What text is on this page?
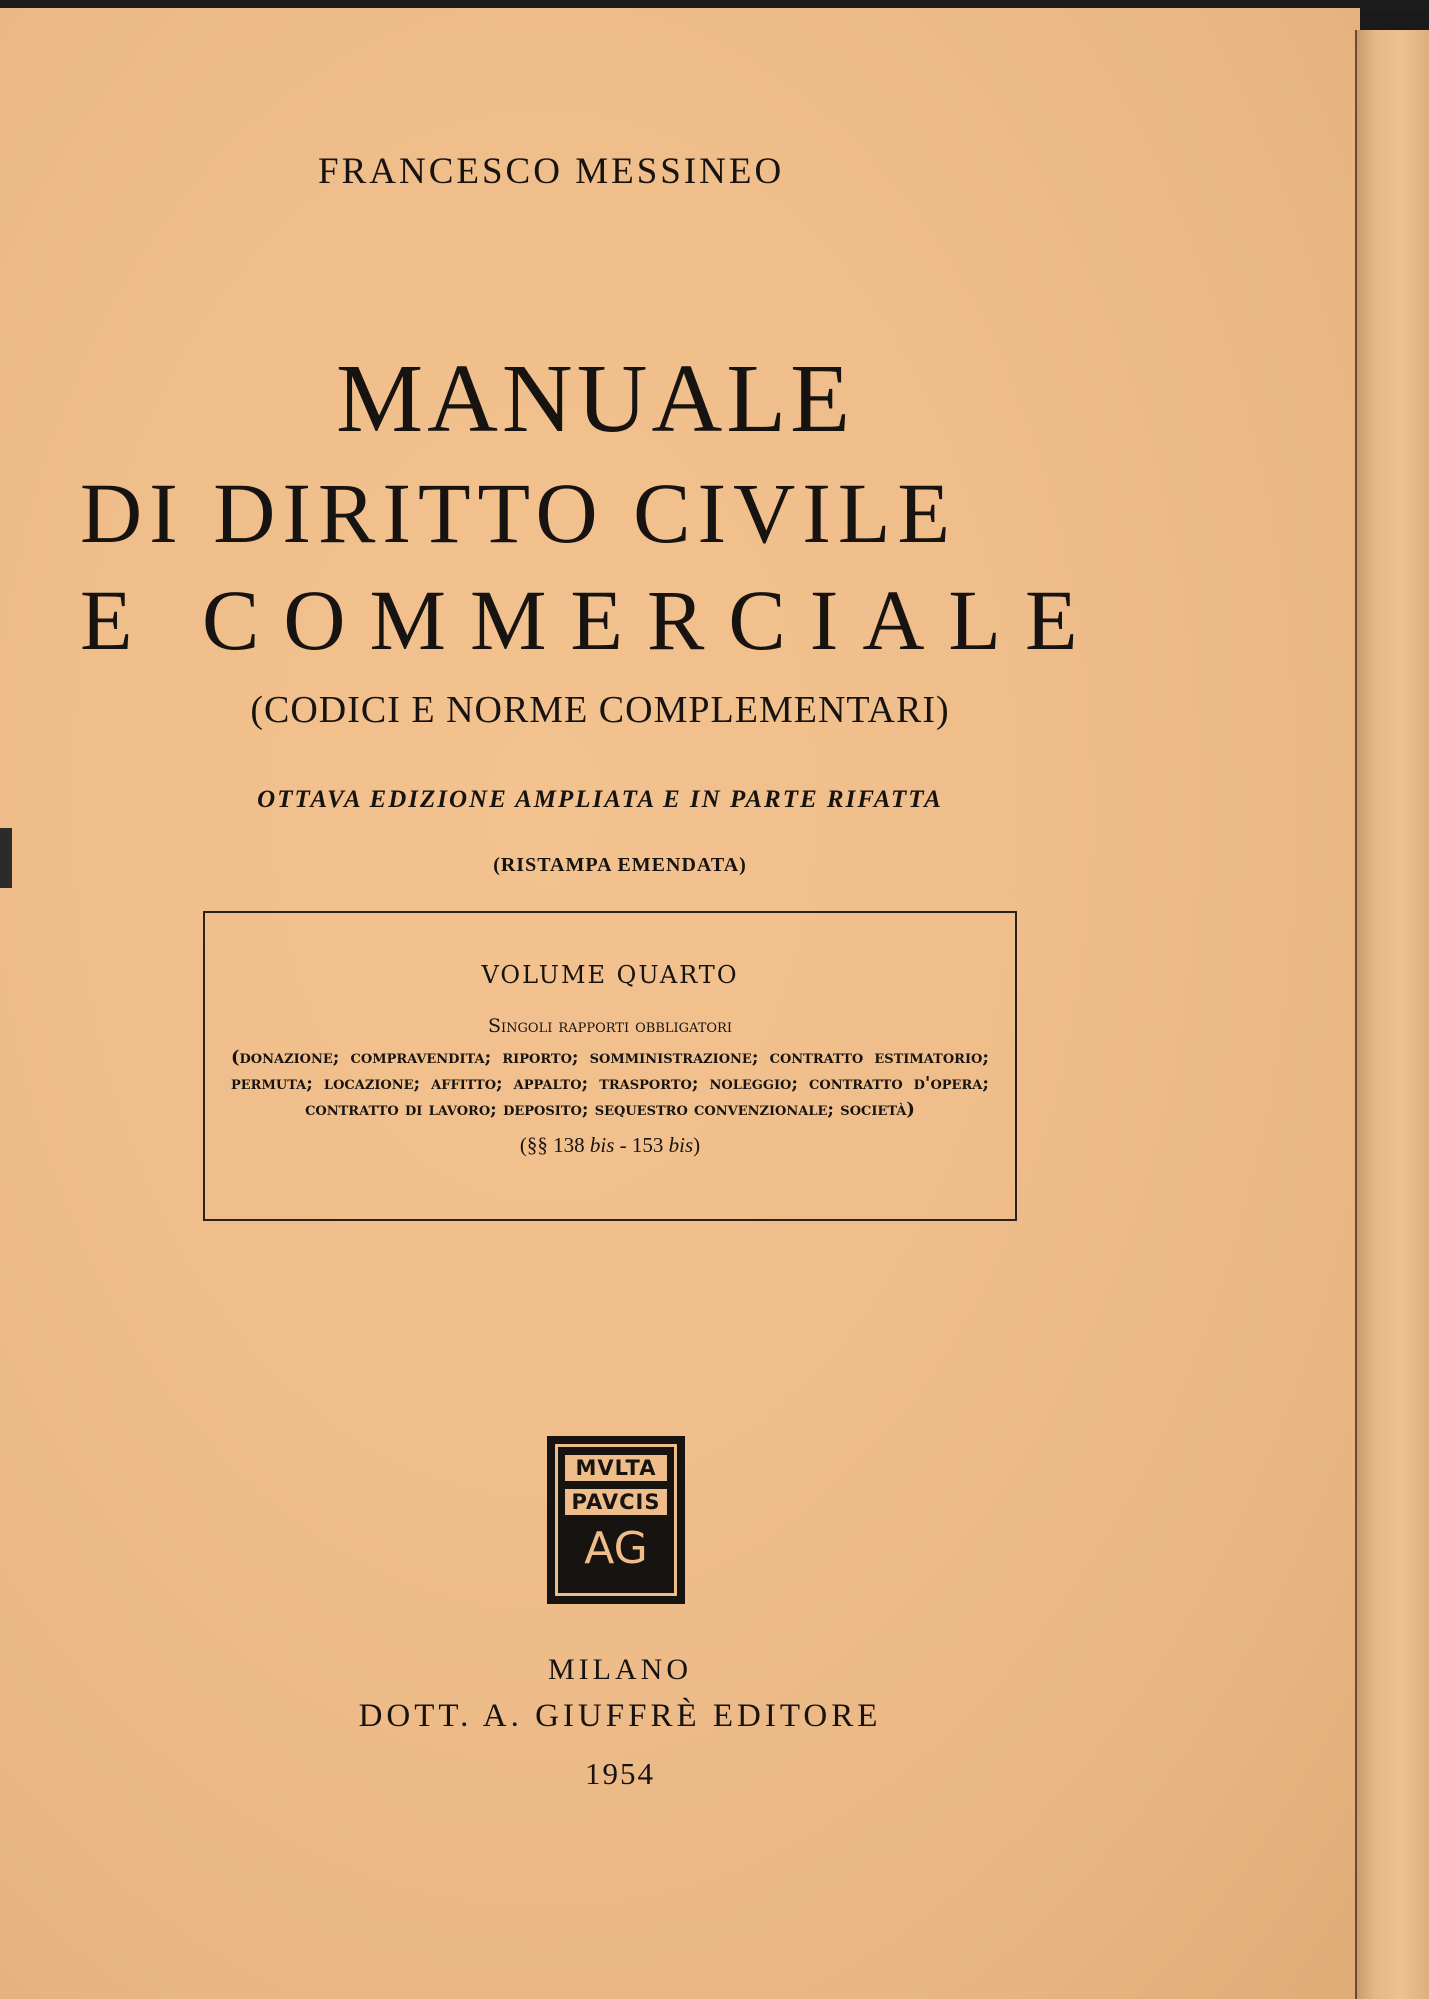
FRANCESCO MESSINEO
MANUALE
DI DIRITTO CIVILE
E COMMERCIALE
(CODICI E NORME COMPLEMENTARI)
OTTAVA EDIZIONE AMPLIATA E IN PARTE RIFATTA
(RISTAMPA EMENDATA)
VOLUME QUARTO
Singoli rapporti obbligatori
(donazione; compravendita; riporto; somministrazione; contratto estimatorio; permuta; locazione; affitto; appalto; trasporto; noleggio; contratto d'opera; contratto di lavoro; deposito; sequestro convenzionale; società)
(§§ 138 bis - 153 bis)
MVLTA
PAVCIS
AG
MILANO
DOTT. A. GIUFFRÈ EDITORE
1954
